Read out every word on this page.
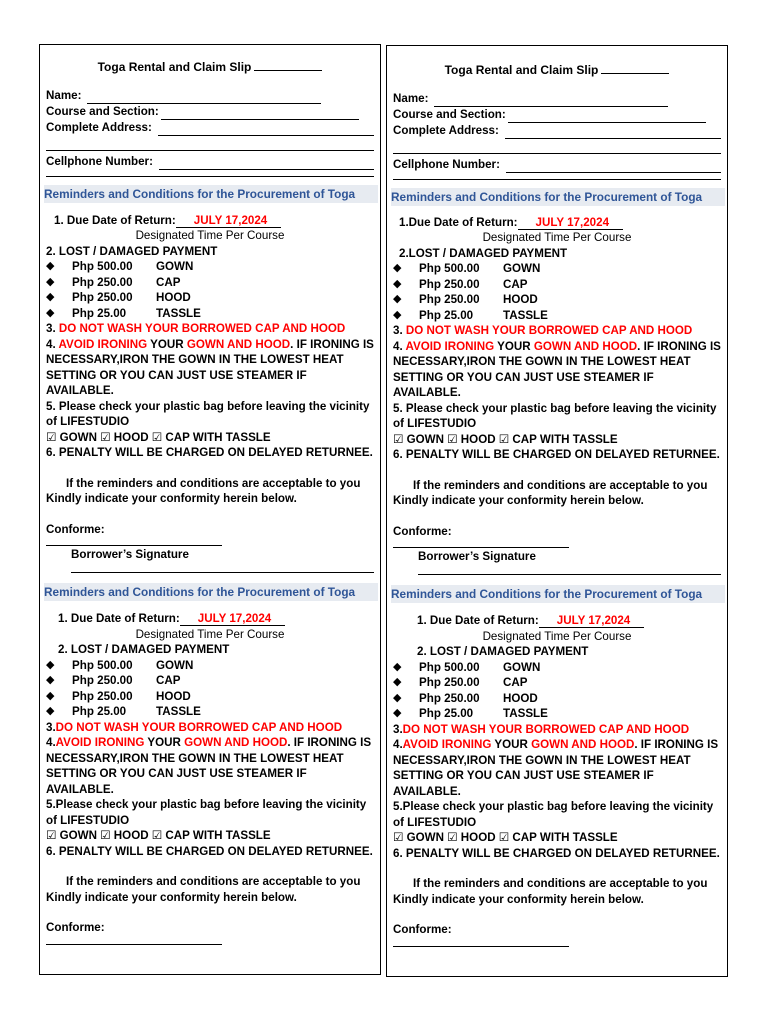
Toga Rental and Claim Slip
Name:
Course and Section:
Complete Address:
Cellphone Number:
Reminders and Conditions for the Procurement of Toga
1. Due Date of Return: JULY 17,2024
Designated Time Per Course
2. LOST / DAMAGED PAYMENT
◆	Php 500.00	GOWN
◆	Php 250.00	CAP
◆	Php 250.00	HOOD
◆	Php 25.00	TASSLE
3. DO NOT WASH YOUR BORROWED CAP AND HOOD
4. AVOID IRONING YOUR GOWN AND HOOD. IF IRONING IS NECESSARY,IRON THE GOWN IN THE LOWEST HEAT SETTING OR YOU CAN JUST USE STEAMER IF AVAILABLE.
5. Please check your plastic bag before leaving the vicinity of LIFESTUDIO
☑ GOWN ☑ HOOD ☑ CAP WITH TASSLE
6. PENALTY WILL BE CHARGED ON DELAYED RETURNEE.
If the reminders and conditions are acceptable to you Kindly indicate your conformity herein below.
Conforme:
Borrower’s Signature
Reminders and Conditions for the Procurement of Toga
1. Due Date of Return: JULY 17,2024
Designated Time Per Course
2. LOST / DAMAGED PAYMENT
◆	Php 500.00	GOWN
◆	Php 250.00	CAP
◆	Php 250.00	HOOD
◆	Php 25.00	TASSLE
3.DO NOT WASH YOUR BORROWED CAP AND HOOD
4.AVOID IRONING YOUR GOWN AND HOOD. IF IRONING IS NECESSARY,IRON THE GOWN IN THE LOWEST HEAT SETTING OR YOU CAN JUST USE STEAMER IF AVAILABLE.
5.Please check your plastic bag before leaving the vicinity of LIFESTUDIO
☑ GOWN ☑ HOOD ☑ CAP WITH TASSLE
6. PENALTY WILL BE CHARGED ON DELAYED RETURNEE.
If the reminders and conditions are acceptable to you Kindly indicate your conformity herein below.
Conforme:
Toga Rental and Claim Slip
Name:
Course and Section:
Complete Address:
Cellphone Number:
Reminders and Conditions for the Procurement of Toga
1.Due Date of Return: JULY 17,2024
Designated Time Per Course
2.LOST / DAMAGED PAYMENT
◆	Php 500.00	GOWN
◆	Php 250.00	CAP
◆	Php 250.00	HOOD
◆	Php 25.00	TASSLE
3. DO NOT WASH YOUR BORROWED CAP AND HOOD
4. AVOID IRONING YOUR GOWN AND HOOD. IF IRONING IS NECESSARY,IRON THE GOWN IN THE LOWEST HEAT SETTING OR YOU CAN JUST USE STEAMER IF AVAILABLE.
5. Please check your plastic bag before leaving the vicinity of LIFESTUDIO
☑ GOWN ☑ HOOD ☑ CAP WITH TASSLE
6. PENALTY WILL BE CHARGED ON DELAYED RETURNEE.
If the reminders and conditions are acceptable to you Kindly indicate your conformity herein below.
Conforme:
Borrower’s Signature
Reminders and Conditions for the Procurement of Toga
1. Due Date of Return: JULY 17,2024
Designated Time Per Course
2. LOST / DAMAGED PAYMENT
◆	Php 500.00	GOWN
◆	Php 250.00	CAP
◆	Php 250.00	HOOD
◆	Php 25.00	TASSLE
3.DO NOT WASH YOUR BORROWED CAP AND HOOD
4.AVOID IRONING YOUR GOWN AND HOOD. IF IRONING IS NECESSARY,IRON THE GOWN IN THE LOWEST HEAT SETTING OR YOU CAN JUST USE STEAMER IF AVAILABLE.
5.Please check your plastic bag before leaving the vicinity of LIFESTUDIO
☑ GOWN ☑ HOOD ☑ CAP WITH TASSLE
6. PENALTY WILL BE CHARGED ON DELAYED RETURNEE.
If the reminders and conditions are acceptable to you Kindly indicate your conformity herein below.
Conforme:
